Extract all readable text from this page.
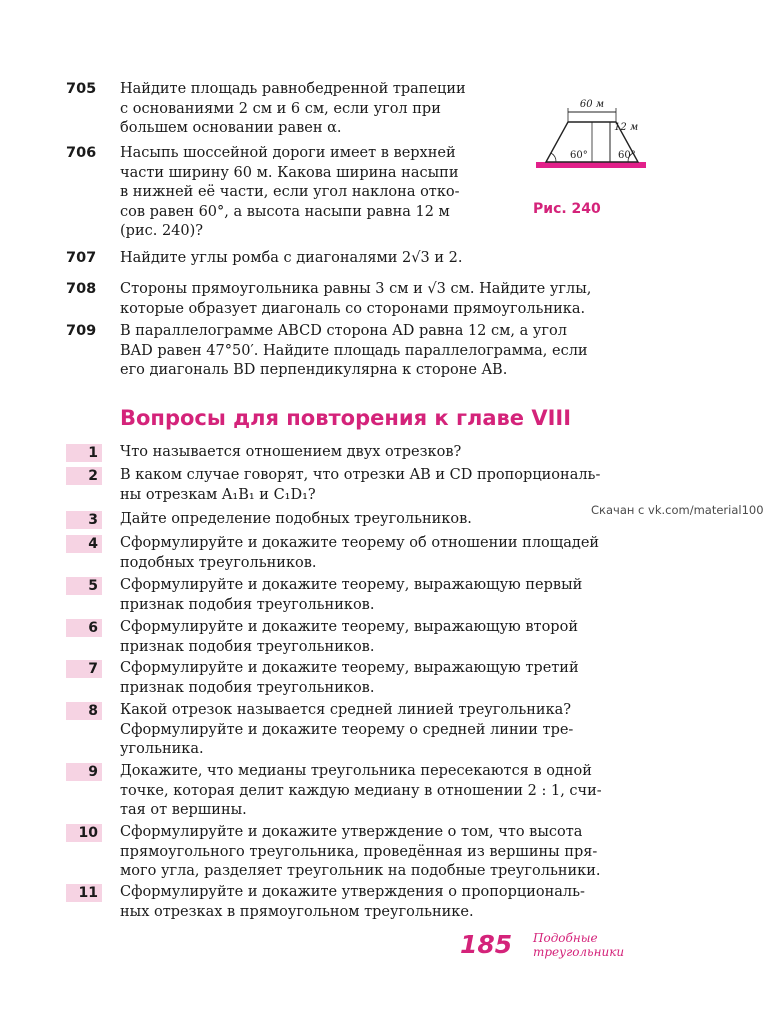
705	Найдите площадь равнобедренной трапеции

с основаниями 2 см и 6 см, если угол при

большем основании равен α.

706	Насыпь шоссейной дороги имеет в верхней

части ширину 60 м. Какова ширина насыпи

в нижней её части, если угол наклона отко-

сов равен 60°, а высота насыпи равна 12 м

(рис. 240)?

707	Найдите углы ромба с диагоналями 2√3 и 2.

708	Стороны прямоугольника равны 3 см и √3 см. Найдите углы,

которые образует диагональ со сторонами прямоугольника.

709	В параллелограмме ABCD сторона AD равна 12 см, а угол

BAD равен 47°50′. Найдите площадь параллелограмма, если

его диагональ BD перпендикулярна к стороне AB.

60 м
12 м
60°	60°
Рис. 240
Вопросы для повторения к главе VIII
1 Что называется отношением двух отрезков?

2 В каком случае говорят, что отрезки AB и CD пропорциональ-

ны отрезкам A₁B₁ и C₁D₁?

3 Дайте определение подобных треугольников.

4 Сформулируйте и докажите теорему об отношении площадей

подобных треугольников.

5 Сформулируйте и докажите теорему, выражающую первый

признак подобия треугольников.

6 Сформулируйте и докажите теорему, выражающую второй

признак подобия треугольников.

7 Сформулируйте и докажите теорему, выражающую третий

признак подобия треугольников.

8 Какой отрезок называется средней линией треугольника?

Сформулируйте и докажите теорему о средней линии тре-

угольника.

9 Докажите, что медианы треугольника пересекаются в одной

точке, которая делит каждую медиану в отношении 2 : 1, счи-

тая от вершины.

10 Сформулируйте и докажите утверждение о том, что высота

прямоугольного треугольника, проведённая из вершины пря-

мого угла, разделяет треугольник на подобные треугольники.

11 Сформулируйте и докажите утверждения о пропорциональ-

ных отрезках в прямоугольном треугольнике.

Скачан с vk.com/material100
185 Подобные
треугольники
